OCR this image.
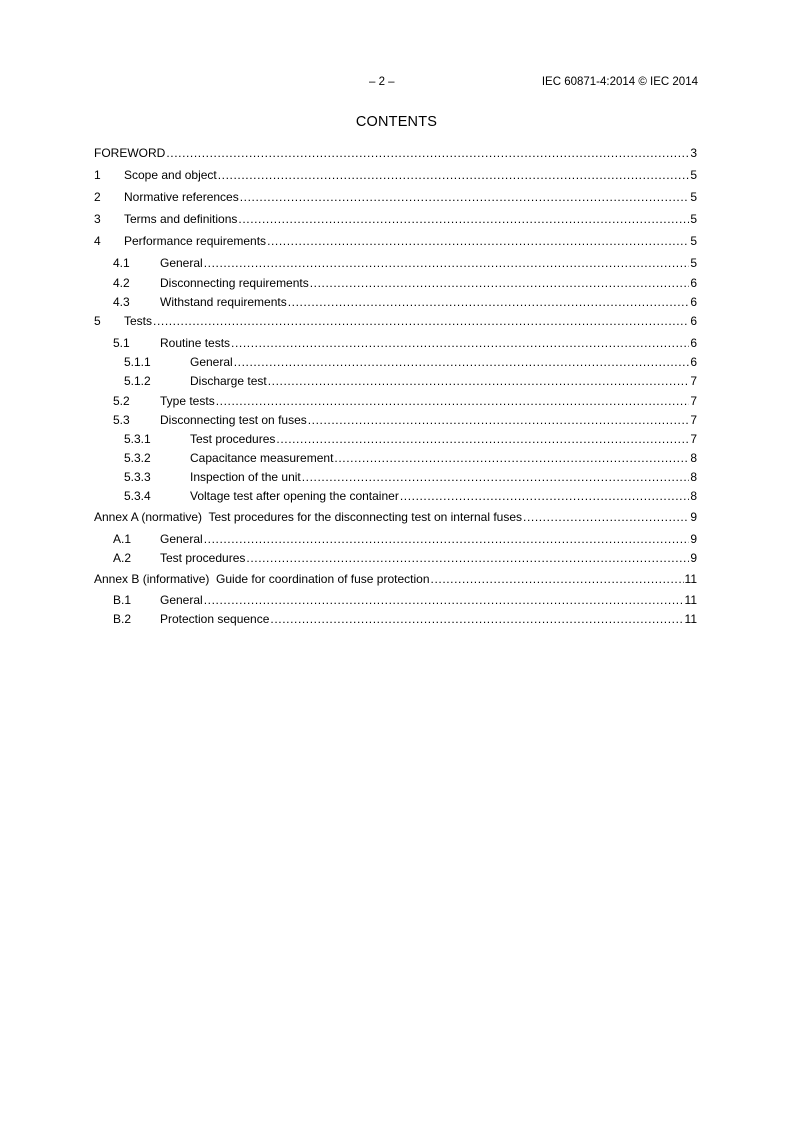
– 2 –	IEC 60871-4:2014 © IEC 2014
CONTENTS
FOREWORD .....	3
1 Scope and object .....	5
2 Normative references .....	5
3 Terms and definitions .....	5
4 Performance requirements .....	5
4.1	General .....	5
4.2	Disconnecting requirements .....	6
4.3	Withstand requirements .....	6
5 Tests .....	6
5.1	Routine tests .....	6
5.1.1	General .....	6
5.1.2	Discharge test .....	7
5.2	Type tests .....	7
5.3	Disconnecting test on fuses .....	7
5.3.1	Test procedures .....	7
5.3.2	Capacitance measurement .....	8
5.3.3	Inspection of the unit .....	8
5.3.4	Voltage test after opening the container .....	8
Annex A (normative)  Test procedures for the disconnecting test on internal fuses .....	9
A.1 General .....	9
A.2 Test procedures .....	9
Annex B (informative)  Guide for coordination of fuse protection .....	11
B.1 General .....	11
B.2 Protection sequence .....	11
